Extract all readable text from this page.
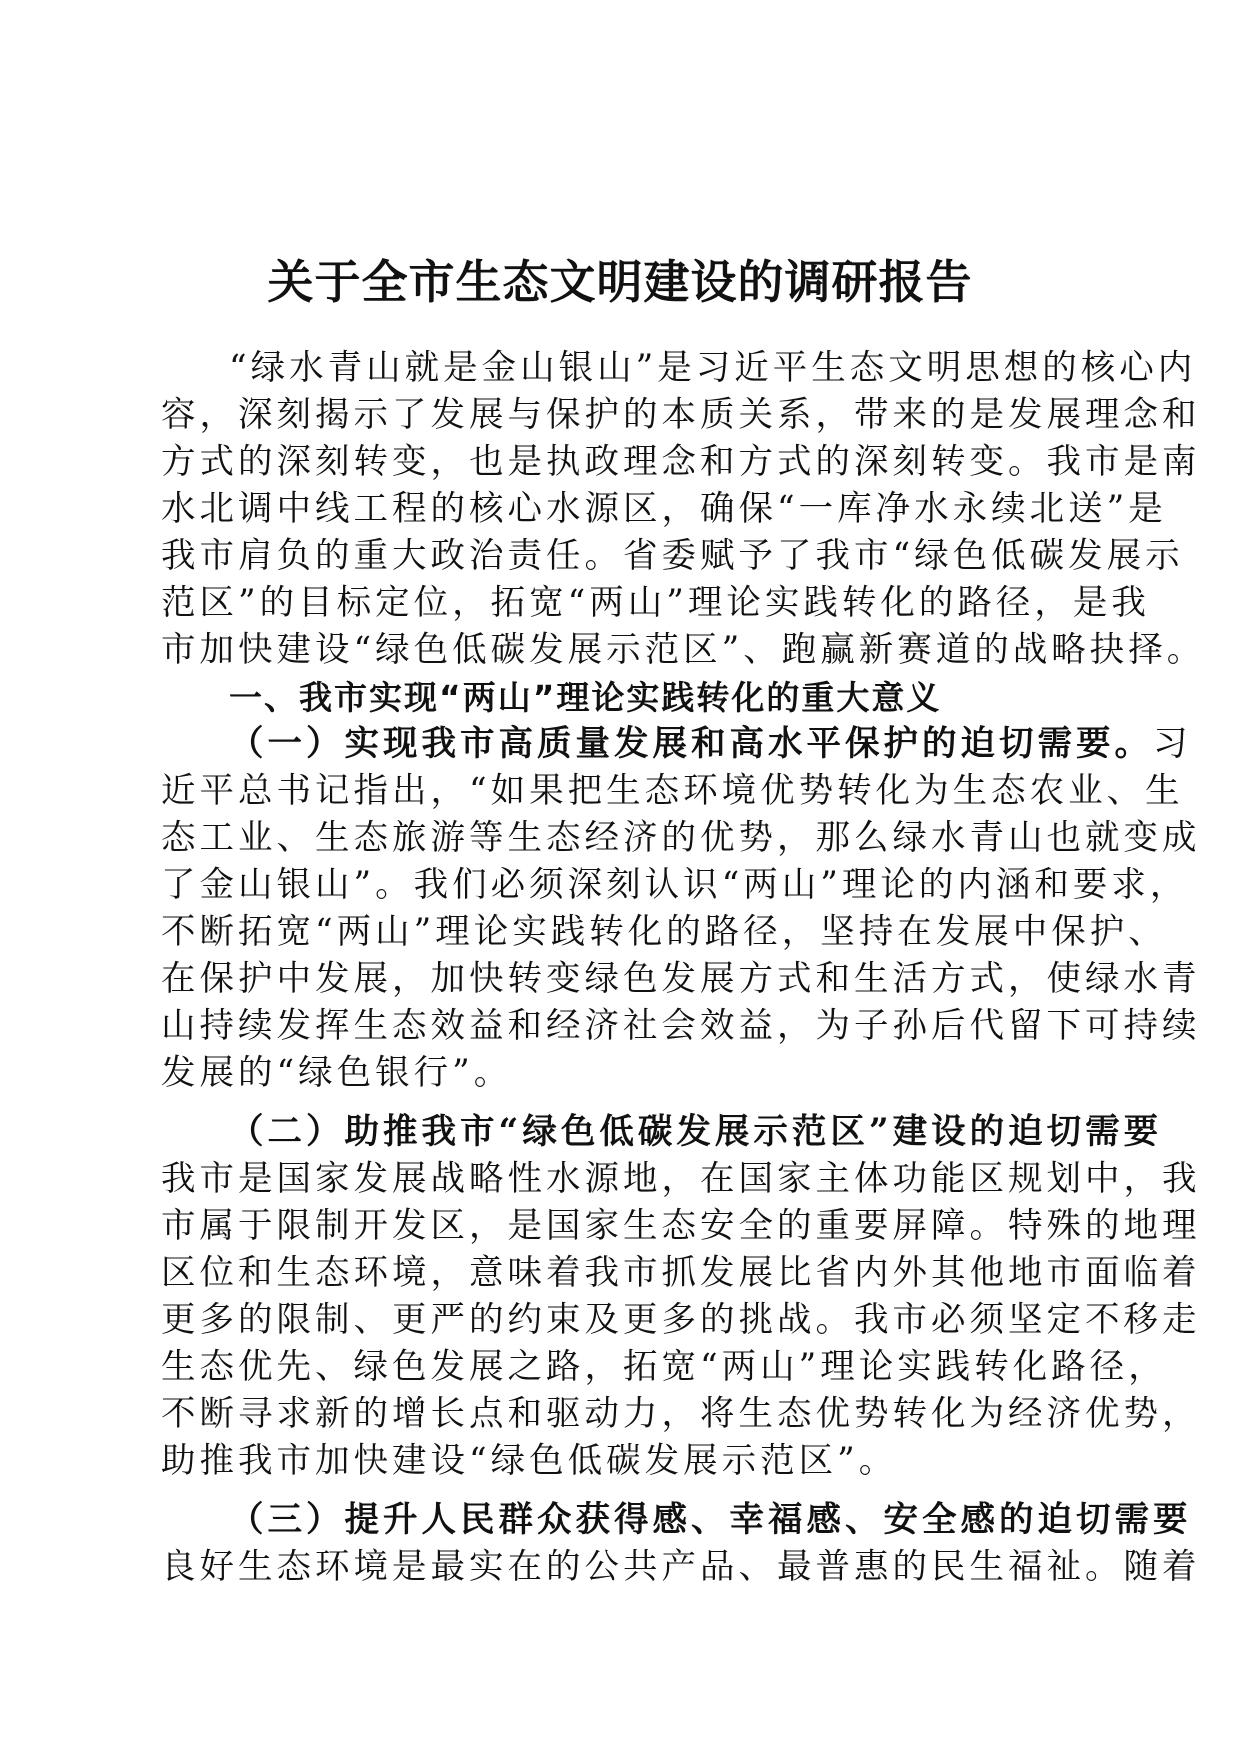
关于全市生态文明建设的调研报告
“绿水青山就是金山银山”是习近平生态文明思想的核心内
容，深刻揭示了发展与保护的本质关系，带来的是发展理念和
方式的深刻转变，也是执政理念和方式的深刻转变。我市是南
水北调中线工程的核心水源区，确保“一库净水永续北送”是
我市肩负的重大政治责任。省委赋予了我市“绿色低碳发展示
范区”的目标定位，拓宽“两山”理论实践转化的路径，是我
市加快建设“绿色低碳发展示范区”、跑赢新赛道的战略抉择。
一、我市实现“两山”理论实践转化的重大意义
（一）实现我市高质量发展和高水平保护的迫切需要。习
近平总书记指出，“如果把生态环境优势转化为生态农业、生
态工业、生态旅游等生态经济的优势，那么绿水青山也就变成
了金山银山”。我们必须深刻认识“两山”理论的内涵和要求，
不断拓宽“两山”理论实践转化的路径，坚持在发展中保护、
在保护中发展，加快转变绿色发展方式和生活方式，使绿水青
山持续发挥生态效益和经济社会效益，为子孙后代留下可持续
发展的“绿色银行”。
（二）助推我市“绿色低碳发展示范区”建设的迫切需要
我市是国家发展战略性水源地，在国家主体功能区规划中，我
市属于限制开发区，是国家生态安全的重要屏障。特殊的地理
区位和生态环境，意味着我市抓发展比省内外其他地市面临着
更多的限制、更严的约束及更多的挑战。我市必须坚定不移走
生态优先、绿色发展之路，拓宽“两山”理论实践转化路径，
不断寻求新的增长点和驱动力，将生态优势转化为经济优势，
助推我市加快建设“绿色低碳发展示范区”。
（三）提升人民群众获得感、幸福感、安全感的迫切需要
良好生态环境是最实在的公共产品、最普惠的民生福祉。随着
